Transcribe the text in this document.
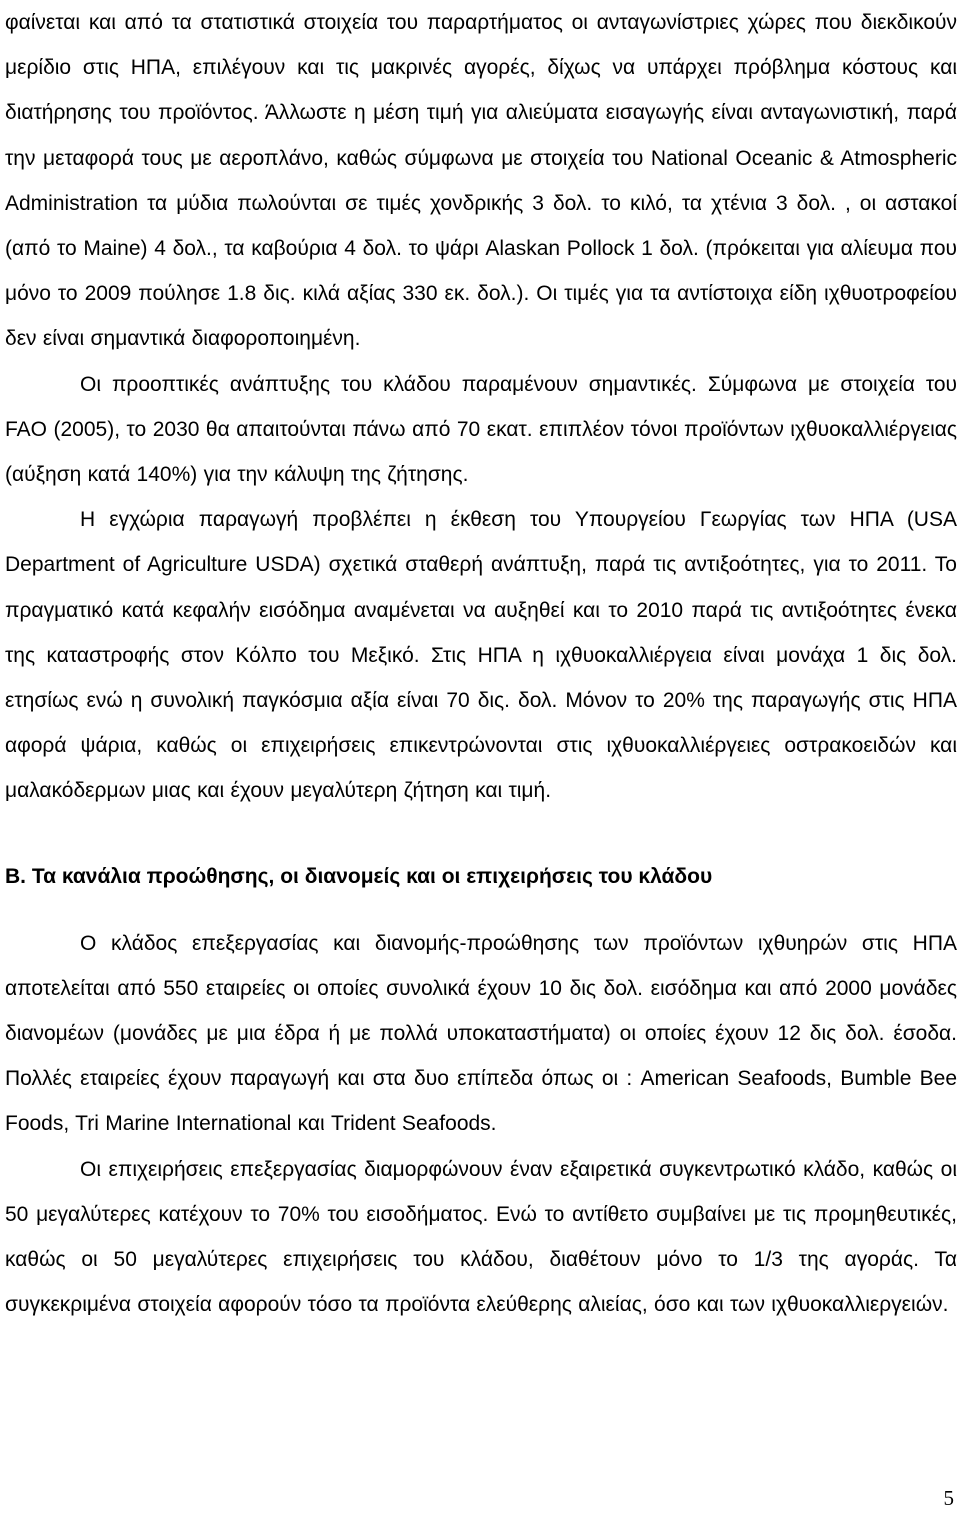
φαίνεται και από τα στατιστικά στοιχεία του παραρτήματος οι ανταγωνίστριες χώρες που διεκδικούν μερίδιο στις ΗΠΑ, επιλέγουν και τις μακρινές αγορές, δίχως να υπάρχει πρόβλημα κόστους και διατήρησης του προϊόντος. Άλλωστε η μέση τιμή για αλιεύματα εισαγωγής είναι ανταγωνιστική, παρά την μεταφορά τους με αεροπλάνο, καθώς σύμφωνα με στοιχεία του National Oceanic & Atmospheric Administration τα μύδια πωλούνται σε τιμές χονδρικής 3 δολ. το κιλό, τα χτένια 3 δολ. , οι αστακοί (από το Maine) 4 δολ., τα καβούρια 4 δολ. το ψάρι Alaskan Pollock 1 δολ. (πρόκειται για αλίευμα που μόνο το 2009 πούλησε 1.8 δις. κιλά αξίας 330 εκ. δολ.). Οι τιμές για τα αντίστοιχα είδη ιχθυοτροφείου δεν είναι σημαντικά διαφοροποιημένη.

Οι προοπτικές ανάπτυξης του κλάδου παραμένουν σημαντικές. Σύμφωνα με στοιχεία του FAO (2005), το 2030 θα απαιτούνται πάνω από 70 εκατ. επιπλέον τόνοι προϊόντων ιχθυοκαλλιέργειας (αύξηση κατά 140%) για την κάλυψη της ζήτησης.

Η εγχώρια παραγωγή προβλέπει η έκθεση του Υπουργείου Γεωργίας των ΗΠΑ (USA Department of Agriculture USDA) σχετικά σταθερή ανάπτυξη, παρά τις αντιξοότητες, για το 2011. Το πραγματικό κατά κεφαλήν εισόδημα αναμένεται να αυξηθεί και το 2010 παρά τις αντιξοότητες ένεκα της καταστροφής στον Κόλπο του Μεξικό. Στις ΗΠΑ η ιχθυοκαλλιέργεια είναι μονάχα 1 δις δολ. ετησίως ενώ η συνολική παγκόσμια αξία είναι 70 δις. δολ. Μόνον το 20% της παραγωγής στις ΗΠΑ αφορά ψάρια, καθώς οι επιχειρήσεις επικεντρώνονται στις ιχθυοκαλλιέργειες οστρακοειδών και μαλακόδερμων μιας και έχουν μεγαλύτερη ζήτηση και τιμή.

Β. Τα κανάλια προώθησης, οι διανομείς και οι επιχειρήσεις του κλάδου

Ο κλάδος επεξεργασίας και διανομής-προώθησης των προϊόντων ιχθυηρών στις ΗΠΑ αποτελείται από 550 εταιρείες οι οποίες συνολικά έχουν 10 δις δολ. εισόδημα και από 2000 μονάδες διανομέων (μονάδες με μια έδρα ή με πολλά υποκαταστήματα) οι οποίες έχουν 12 δις δολ. έσοδα. Πολλές εταιρείες έχουν παραγωγή και στα δυο επίπεδα όπως οι : American Seafoods, Bumble Bee Foods, Tri Marine International και Trident Seafoods.

Οι επιχειρήσεις επεξεργασίας διαμορφώνουν έναν εξαιρετικά συγκεντρωτικό κλάδο, καθώς οι 50 μεγαλύτερες κατέχουν το 70% του εισοδήματος. Ενώ το αντίθετο συμβαίνει με τις προμηθευτικές, καθώς οι 50 μεγαλύτερες επιχειρήσεις του κλάδου, διαθέτουν μόνο το 1/3 της αγοράς. Τα συγκεκριμένα στοιχεία αφορούν τόσο τα προϊόντα ελεύθερης αλιείας, όσο και των ιχθυοκαλλιεργειών.

5
